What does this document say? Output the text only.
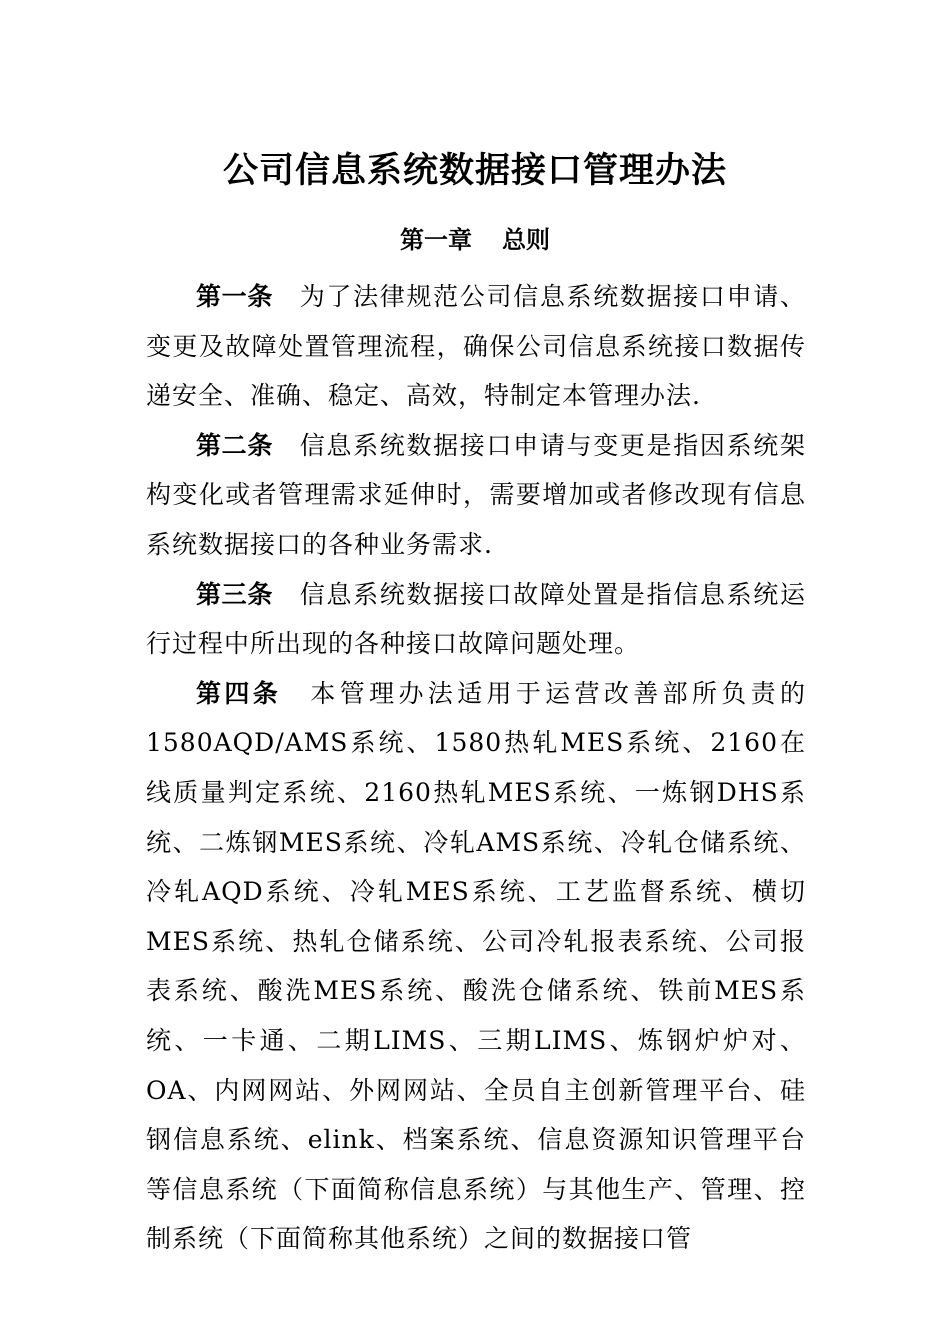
公司信息系统数据接口管理办法
第一章 总则

第一条 为了法律规范公司信息系统数据接口申请、变更及故障处置管理流程，确保公司信息系统接口数据传递安全、准确、稳定、高效，特制定本管理办法.

第二条 信息系统数据接口申请与变更是指因系统架构变化或者管理需求延伸时，需要增加或者修改现有信息系统数据接口的各种业务需求.

第三条 信息系统数据接口故障处置是指信息系统运行过程中所出现的各种接口故障问题处理。

第四条 本管理办法适用于运营改善部所负责的1580AQD/AMS系统、1580热轧MES系统、2160在线质量判定系统、2160热轧MES系统、一炼钢DHS系统、二炼钢MES系统、冷轧AMS系统、冷轧仓储系统、冷轧AQD系统、冷轧MES系统、工艺监督系统、横切MES系统、热轧仓储系统、公司冷轧报表系统、公司报表系统、酸洗MES系统、酸洗仓储系统、铁前MES系统、一卡通、二期LIMS、三期LIMS、炼钢炉炉对、OA、内网网站、外网网站、全员自主创新管理平台、硅钢信息系统、elink、档案系统、信息资源知识管理平台等信息系统（下面简称信息系统）与其他生产、管理、控制系统（下面简称其他系统）之间的数据接口管
